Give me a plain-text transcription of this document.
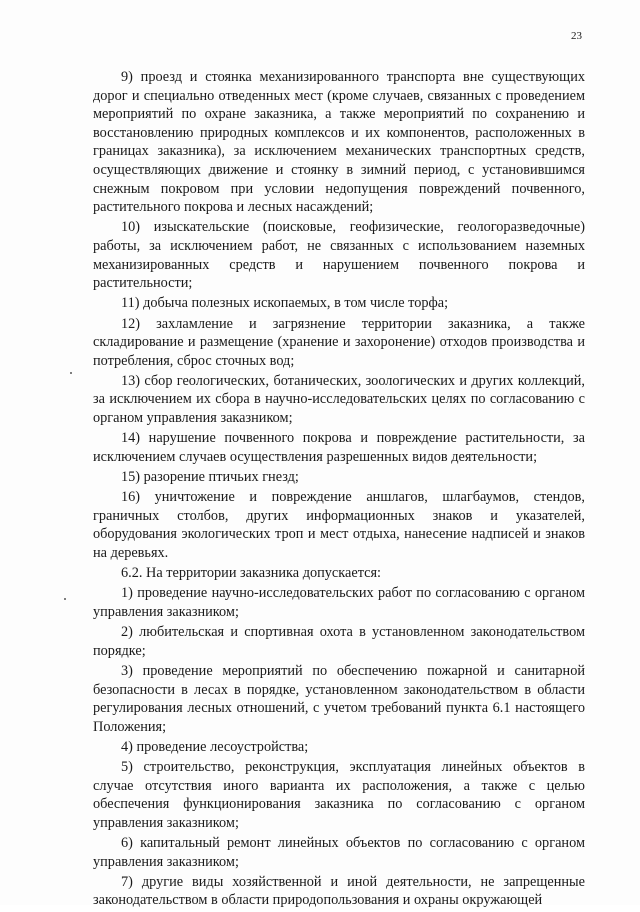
23

9) проезд и стоянка механизированного транспорта вне существующих дорог и специально отведенных мест (кроме случаев, связанных с проведением мероприятий по охране заказника, а также мероприятий по сохранению и восстановлению природных комплексов и их компонентов, расположенных в границах заказника), за исключением механических транспортных средств, осуществляющих движение и стоянку в зимний период, с установившимся снежным покровом при условии недопущения повреждений почвенного, растительного покрова и лесных насаждений;

10) изыскательские (поисковые, геофизические, геологоразведочные) работы, за исключением работ, не связанных с использованием наземных механизированных средств и нарушением почвенного покрова и растительности;

11) добыча полезных ископаемых, в том числе торфа;

12) захламление и загрязнение территории заказника, а также складирование и размещение (хранение и захоронение) отходов производства и потребления, сброс сточных вод;

13) сбор геологических, ботанических, зоологических и других коллекций, за исключением их сбора в научно-исследовательских целях по согласованию с органом управления заказником;

14) нарушение почвенного покрова и повреждение растительности, за исключением случаев осуществления разрешенных видов деятельности;

15) разорение птичьих гнезд;

16) уничтожение и повреждение аншлагов, шлагбаумов, стендов, граничных столбов, других информационных знаков и указателей, оборудования экологических троп и мест отдыха, нанесение надписей и знаков на деревьях.

6.2. На территории заказника допускается:

1) проведение научно-исследовательских работ по согласованию с органом управления заказником;

2) любительская и спортивная охота в установленном законодательством порядке;

3) проведение мероприятий по обеспечению пожарной и санитарной безопасности в лесах в порядке, установленном законодательством в области регулирования лесных отношений, с учетом требований пункта 6.1 настоящего Положения;

4) проведение лесоустройства;

5) строительство, реконструкция, эксплуатация линейных объектов в случае отсутствия иного варианта их расположения, а также с целью обеспечения функционирования заказника по согласованию с органом управления заказником;

6) капитальный ремонт линейных объектов по согласованию с органом управления заказником;

7) другие виды хозяйственной и иной деятельности, не запрещенные законодательством в области природопользования и охраны окружающей
